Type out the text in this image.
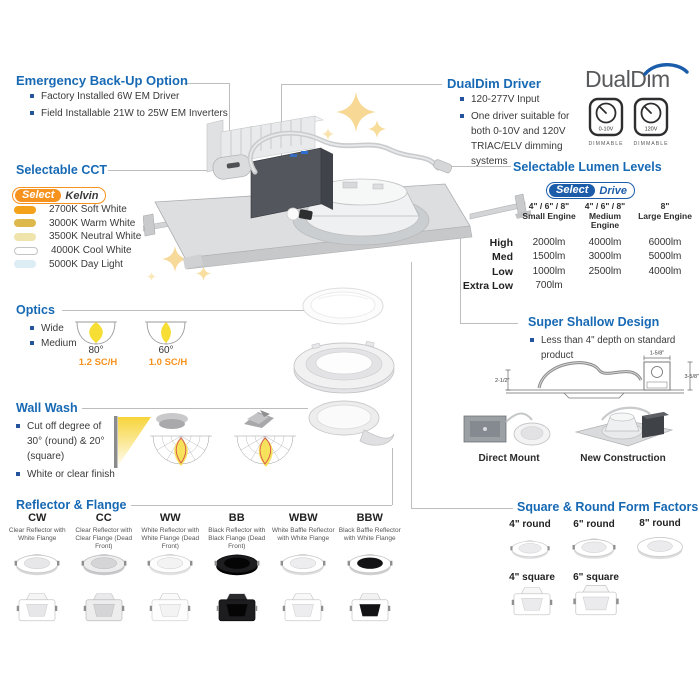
Emergency Back-Up Option
Factory Installed 6W EM Driver
Field Installable 21W to 25W EM Inverters
DualDim Driver
120-277V Input
One driver suitable for both 0-10V and 120V TRIAC/ELV dimming systems
DualDim
0-10V
DIMMABLE
120V
DIMMABLE
Selectable CCT
Select	Kelvin
2700K Soft White
3000K Warm White
3500K Neutral White
4000K Cool White
5000K Day Light
Selectable Lumen Levels
Select	Drive
4" / 6" / 8"
Small Engine
4" / 6" / 8"
Medium Engine
8"
Large Engine
High	2000lm	4000lm	6000lm
Med	1500lm	3000lm	5000lm
Low	1000lm	2500lm	4000lm
Extra Low	700lm
Optics
Wide
Medium
80°
1.2 SC/H
60°
1.0 SC/H
Wall Wash
Cut off degree of
30° (round) & 20° (square)
White or clear finish
Super Shallow Design
Less than 4" depth on standard product	1-5/8"
3-5/8"
2-1/2"
Direct Mount	New Construction
Reflector & Flange
CW
Clear Reflector with White Flange

CC
Clear Reflector with Clear Flange (Dead Front)

WW
White Reflector with White Flange (Dead Front)

BB
Black Reflector with Black Flange (Dead Front)

WBW
White Baffle Reflector with White Flange

BBW
Black Baffle Reflector with White Flange

Square & Round Form Factors
4" round	6" round	8" round
4" square	6" square
